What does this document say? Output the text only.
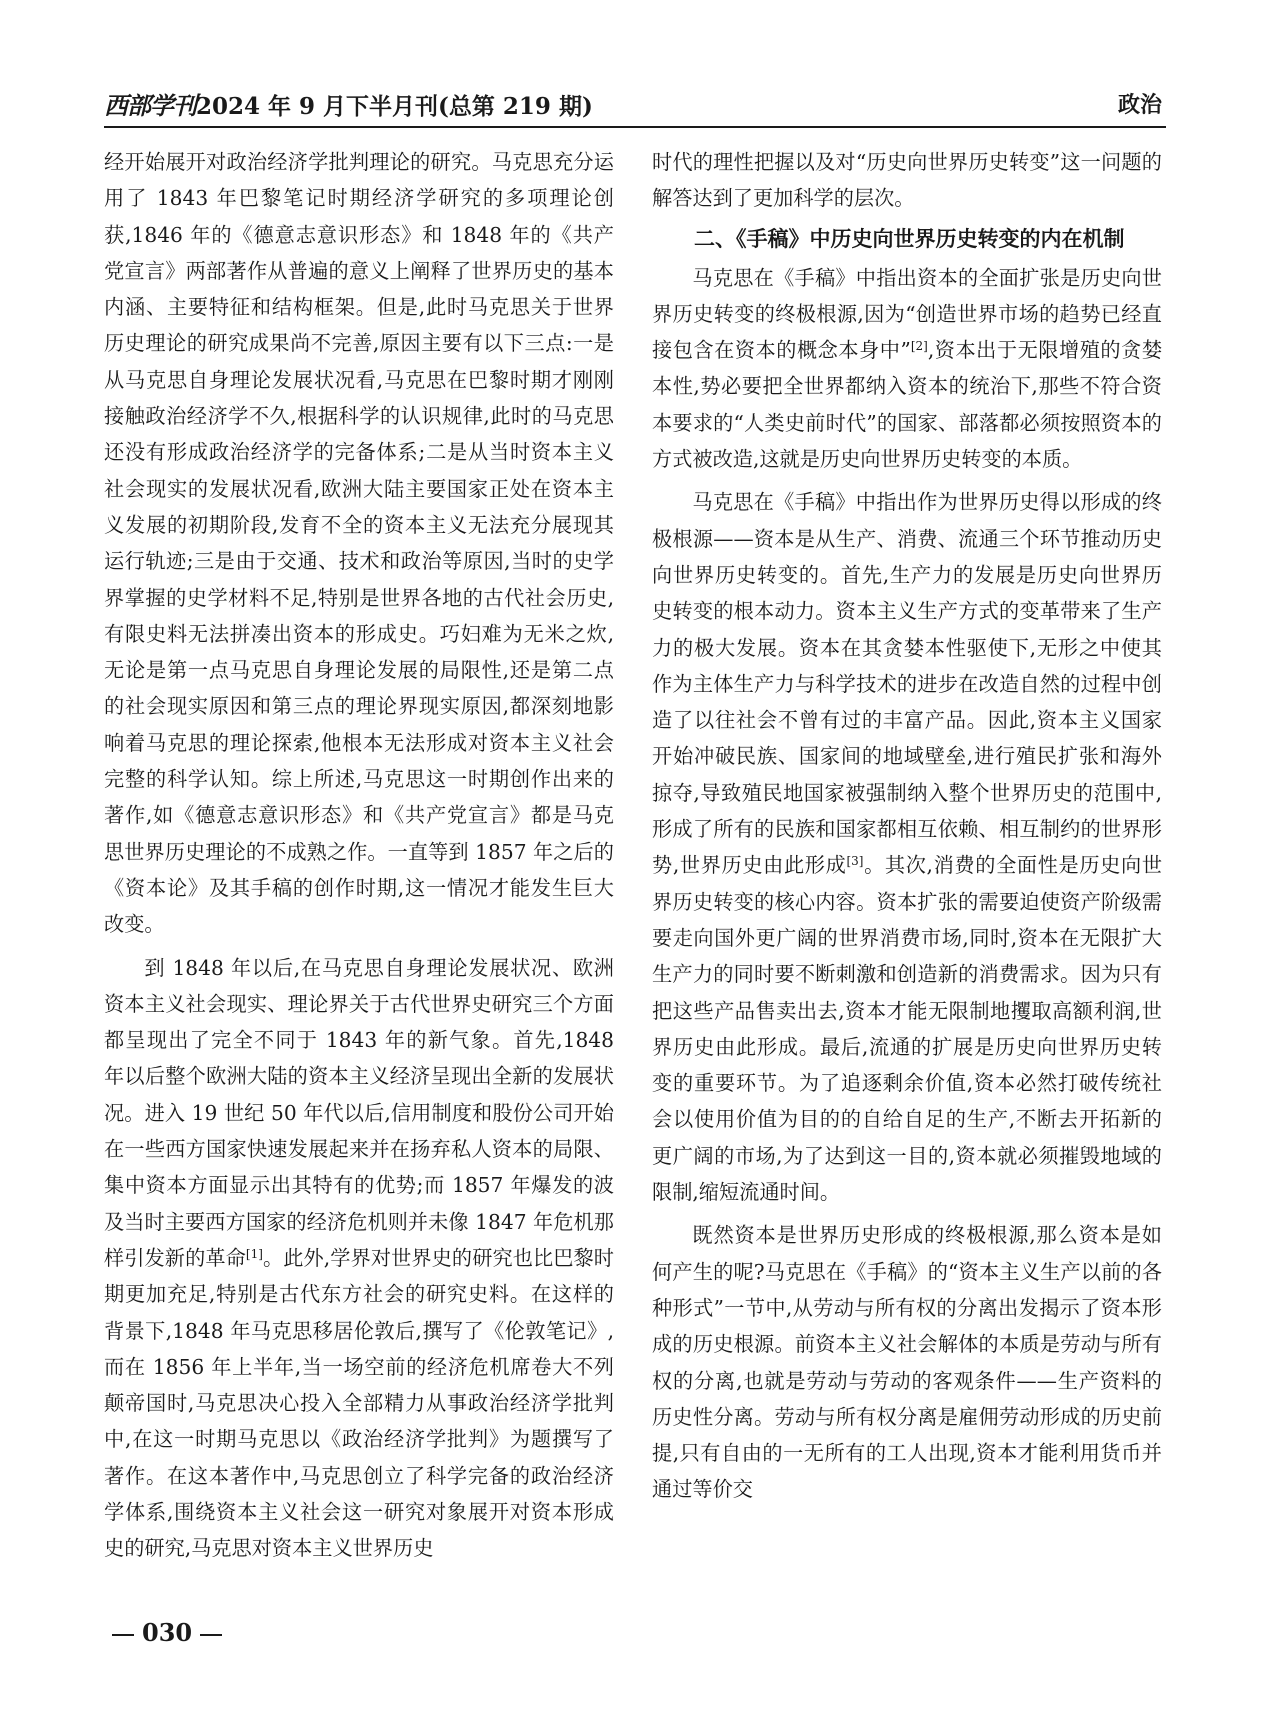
西部学刊2024 年 9 月下半月刊(总第 219 期)	政治

经开始展开对政治经济学批判理论的研究。马克思充分运用了 1843 年巴黎笔记时期经济学研究的多项理论创获,1846 年的《德意志意识形态》和 1848 年的《共产党宣言》两部著作从普遍的意义上阐释了世界历史的基本内涵、主要特征和结构框架。但是,此时马克思关于世界历史理论的研究成果尚不完善,原因主要有以下三点:一是从马克思自身理论发展状况看,马克思在巴黎时期才刚刚接触政治经济学不久,根据科学的认识规律,此时的马克思还没有形成政治经济学的完备体系;二是从当时资本主义社会现实的发展状况看,欧洲大陆主要国家正处在资本主义发展的初期阶段,发育不全的资本主义无法充分展现其运行轨迹;三是由于交通、技术和政治等原因,当时的史学界掌握的史学材料不足,特别是世界各地的古代社会历史,有限史料无法拼凑出资本的形成史。巧妇难为无米之炊,无论是第一点马克思自身理论发展的局限性,还是第二点的社会现实原因和第三点的理论界现实原因,都深刻地影响着马克思的理论探索,他根本无法形成对资本主义社会完整的科学认知。综上所述,马克思这一时期创作出来的著作,如《德意志意识形态》和《共产党宣言》都是马克思世界历史理论的不成熟之作。一直等到 1857 年之后的《资本论》及其手稿的创作时期,这一情况才能发生巨大改变。

到 1848 年以后,在马克思自身理论发展状况、欧洲资本主义社会现实、理论界关于古代世界史研究三个方面都呈现出了完全不同于 1843 年的新气象。首先,1848 年以后整个欧洲大陆的资本主义经济呈现出全新的发展状况。进入 19 世纪 50 年代以后,信用制度和股份公司开始在一些西方国家快速发展起来并在扬弃私人资本的局限、集中资本方面显示出其特有的优势;而 1857 年爆发的波及当时主要西方国家的经济危机则并未像 1847 年危机那样引发新的革命[1]。此外,学界对世界史的研究也比巴黎时期更加充足,特别是古代东方社会的研究史料。在这样的背景下,1848 年马克思移居伦敦后,撰写了《伦敦笔记》,而在 1856 年上半年,当一场空前的经济危机席卷大不列颠帝国时,马克思决心投入全部精力从事政治经济学批判中,在这一时期马克思以《政治经济学批判》为题撰写了著作。在这本著作中,马克思创立了科学完备的政治经济学体系,围绕资本主义社会这一研究对象展开对资本形成史的研究,马克思对资本主义世界历史

时代的理性把握以及对“历史向世界历史转变”这一问题的解答达到了更加科学的层次。

二、《手稿》中历史向世界历史转变的内在机制

马克思在《手稿》中指出资本的全面扩张是历史向世界历史转变的终极根源,因为“创造世界市场的趋势已经直接包含在资本的概念本身中”[2],资本出于无限增殖的贪婪本性,势必要把全世界都纳入资本的统治下,那些不符合资本要求的“人类史前时代”的国家、部落都必须按照资本的方式被改造,这就是历史向世界历史转变的本质。

马克思在《手稿》中指出作为世界历史得以形成的终极根源——资本是从生产、消费、流通三个环节推动历史向世界历史转变的。首先,生产力的发展是历史向世界历史转变的根本动力。资本主义生产方式的变革带来了生产力的极大发展。资本在其贪婪本性驱使下,无形之中使其作为主体生产力与科学技术的进步在改造自然的过程中创造了以往社会不曾有过的丰富产品。因此,资本主义国家开始冲破民族、国家间的地域壁垒,进行殖民扩张和海外掠夺,导致殖民地国家被强制纳入整个世界历史的范围中,形成了所有的民族和国家都相互依赖、相互制约的世界形势,世界历史由此形成[3]。其次,消费的全面性是历史向世界历史转变的核心内容。资本扩张的需要迫使资产阶级需要走向国外更广阔的世界消费市场,同时,资本在无限扩大生产力的同时要不断刺激和创造新的消费需求。因为只有把这些产品售卖出去,资本才能无限制地攫取高额利润,世界历史由此形成。最后,流通的扩展是历史向世界历史转变的重要环节。为了追逐剩余价值,资本必然打破传统社会以使用价值为目的的自给自足的生产,不断去开拓新的更广阔的市场,为了达到这一目的,资本就必须摧毁地域的限制,缩短流通时间。

既然资本是世界历史形成的终极根源,那么资本是如何产生的呢?马克思在《手稿》的“资本主义生产以前的各种形式”一节中,从劳动与所有权的分离出发揭示了资本形成的历史根源。前资本主义社会解体的本质是劳动与所有权的分离,也就是劳动与劳动的客观条件——生产资料的历史性分离。劳动与所有权分离是雇佣劳动形成的历史前提,只有自由的一无所有的工人出现,资本才能利用货币并通过等价交

030
